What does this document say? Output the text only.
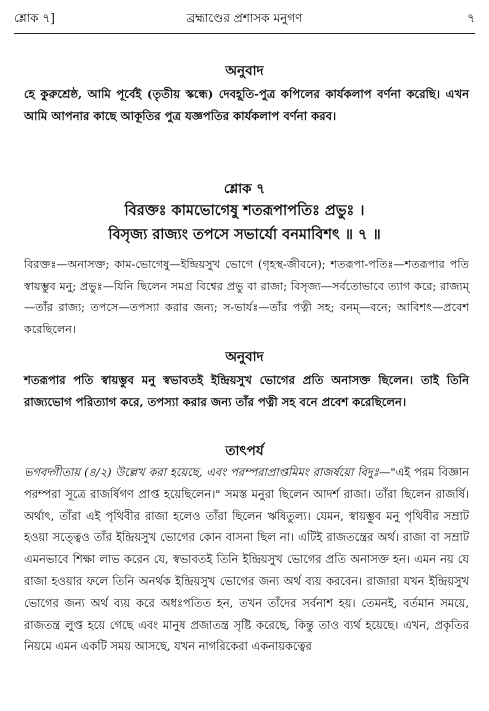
শ্লোক ৭]	ব্রহ্মাণ্ডের প্রশাসক মনুগণ	৭
অনুবাদ
হে কুরুশ্রেষ্ঠ, আমি পূর্বেই (তৃতীয় স্কন্ধে) দেবহূতি-পুত্র কপিলের কার্যকলাপ বর্ণনা করেছি। এখন আমি আপনার কাছে আকূতির পুত্র যজ্ঞপতির কার্যকলাপ বর্ণনা করব।
শ্লোক ৭
বিরক্তঃ কামভোগেষু শতরূপাপতিঃ প্রভুঃ ।
বিসৃজ্য রাজ্যং তপসে সভার্যো বনমাবিশৎ ॥ ৭ ॥
বিরক্তঃ—অনাসক্ত; কাম-ভোগেষু—ইন্দ্রিয়সুখ ভোগে (গৃহস্থ-জীবনে); শতরূপা-পতিঃ—শতরূপার পতি স্বায়ম্ভুব মনু; প্রভুঃ—যিনি ছিলেন সমগ্র বিশ্বের প্রভু বা রাজা; বিসৃজ্য—সর্বতোভাবে ত্যাগ করে; রাজ্যম্—তাঁর রাজ্য; তপসে—তপস্যা করার জন্য; স-ভার্যঃ—তাঁর পত্নী সহ; বনম্—বনে; আবিশৎ—প্রবেশ করেছিলেন।
অনুবাদ
শতরূপার পতি স্বায়ম্ভুব মনু স্বভাবতই ইন্দ্রিয়সুখ ভোগের প্রতি অনাসক্ত ছিলেন। তাই তিনি রাজ্যভোগ পরিত্যাগ করে, তপস্যা করার জন্য তাঁর পত্নী সহ বনে প্রবেশ করেছিলেন।
তাৎপর্য
ভগবদ্গীতায় (৪/২) উল্লেখ করা হয়েছে, এবং পরম্পরাপ্রাপ্তমিমং রাজর্ষয়ো বিদুঃ—"এই পরম বিজ্ঞান পরম্পরা সূত্রে রাজর্ষিগণ প্রাপ্ত হয়েছিলেন।" সমস্ত মনুরা ছিলেন আদর্শ রাজা। তাঁরা ছিলেন রাজর্ষি। অর্থাৎ, তাঁরা এই পৃথিবীর রাজা হলেও তাঁরা ছিলেন ঋষিতুল্য। যেমন, স্বায়ম্ভুব মনু পৃথিবীর সম্রাট হওয়া সত্ত্বেও তাঁর ইন্দ্রিয়সুখ ভোগের কোন বাসনা ছিল না। এটিই রাজতন্ত্রের অর্থ। রাজা বা সম্রাট এমনভাবে শিক্ষা লাভ করেন যে, স্বভাবতই তিনি ইন্দ্রিয়সুখ ভোগের প্রতি অনাসক্ত হন। এমন নয় যে রাজা হওয়ার ফলে তিনি অনর্থক ইন্দ্রিয়সুখ ভোগের জন্য অর্থ ব্যয় করবেন। রাজারা যখন ইন্দ্রিয়সুখ ভোগের জন্য অর্থ ব্যয় করে অধঃপতিত হন, তখন তাঁদের সর্বনাশ হয়। তেমনই, বর্তমান সময়ে, রাজতন্ত্র লুপ্ত হয়ে গেছে এবং মানুষ প্রজাতন্ত্র সৃষ্টি করেছে, কিন্তু তাও ব্যর্থ হয়েছে। এখন, প্রকৃতির নিয়মে এমন একটি সময় আসছে, যখন নাগরিকেরা একনায়কত্বের
